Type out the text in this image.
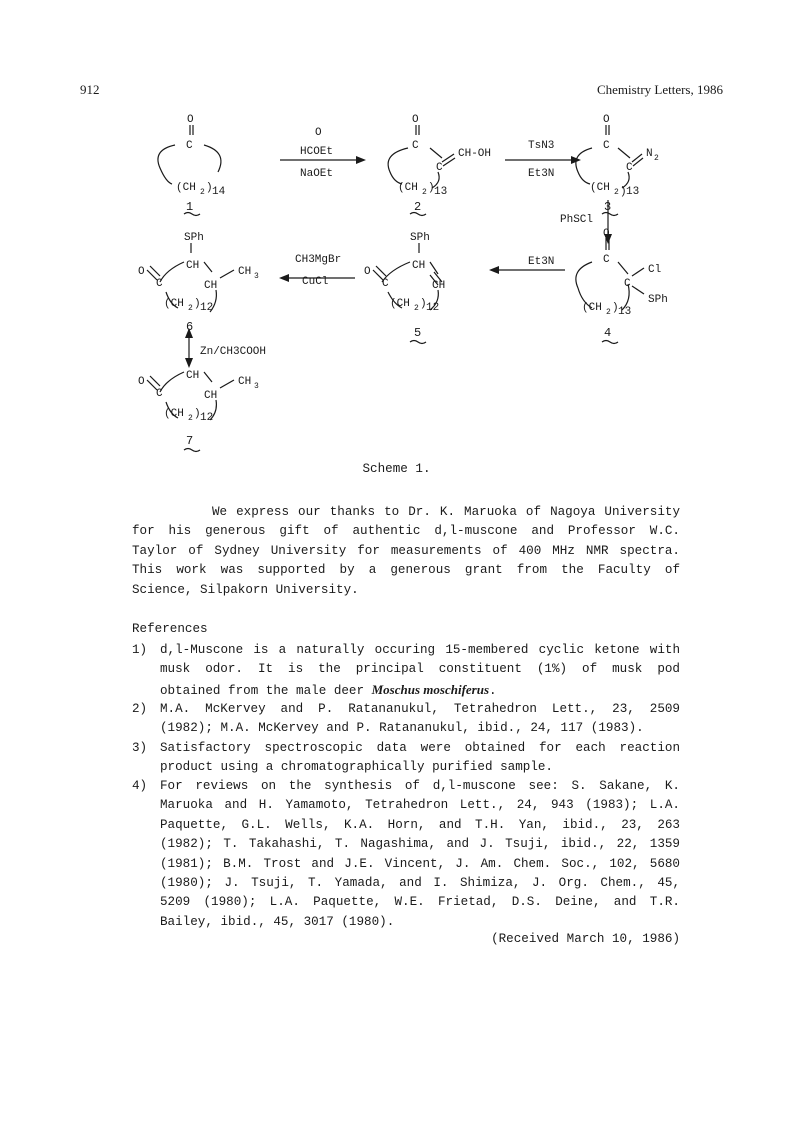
912	Chemistry Letters, 1986
O
C
(CH 2 ) 14
1
O
HCOEt
NaOEt
O
C
C
CH-OH
(CH 2 ) 13
2
TsN3
Et3N
O
C
C
N 2
(CH 2 ) 13
3
PhSCl
O
C
C
Cl
SPh
(CH 2 ) 13
4
Et3N
SPh
CH
O
C	CH
(CH 2 ) 12
5
CH3MgBr
CuCl
SPh
CH
O
C	CH
CH 3
(CH 2 ) 12
6
Zn/CH3COOH
CH
O
C	CH
CH 3
(CH 2 ) 12
7
Scheme 1.
We express our thanks to Dr. K. Maruoka of Nagoya University
for his generous gift of authentic d,l-muscone and Professor W.C.
Taylor of Sydney University for measurements of 400 MHz NMR spectra.
This work was supported by a generous grant from the Faculty of
Science, Silpakorn University.
References
1) d,l-Muscone is a naturally occuring 15-membered cyclic ketone with
musk odor. It is the principal constituent (1%) of musk pod
obtained from the male deer Moschus moschiferus.
2) M.A. McKervey and P. Ratananukul, Tetrahedron Lett., 23, 2509
(1982); M.A. McKervey and P. Ratananukul, ibid., 24, 117 (1983).
3) Satisfactory spectroscopic data were obtained for each reaction
product using a chromatographically purified sample.
4) For reviews on the synthesis of d,l-muscone see: S. Sakane, K.
Maruoka and H. Yamamoto, Tetrahedron Lett., 24, 943 (1983); L.A.
Paquette, G.L. Wells, K.A. Horn, and T.H. Yan, ibid., 23, 263
(1982); T. Takahashi, T. Nagashima, and J. Tsuji, ibid., 22, 1359
(1981); B.M. Trost and J.E. Vincent, J. Am. Chem. Soc., 102, 5680
(1980); J. Tsuji, T. Yamada, and I. Shimiza, J. Org. Chem., 45,
5209 (1980); L.A. Paquette, W.E. Frietad, D.S. Deine, and T.R.
Bailey, ibid., 45, 3017 (1980).
(Received March 10, 1986)
